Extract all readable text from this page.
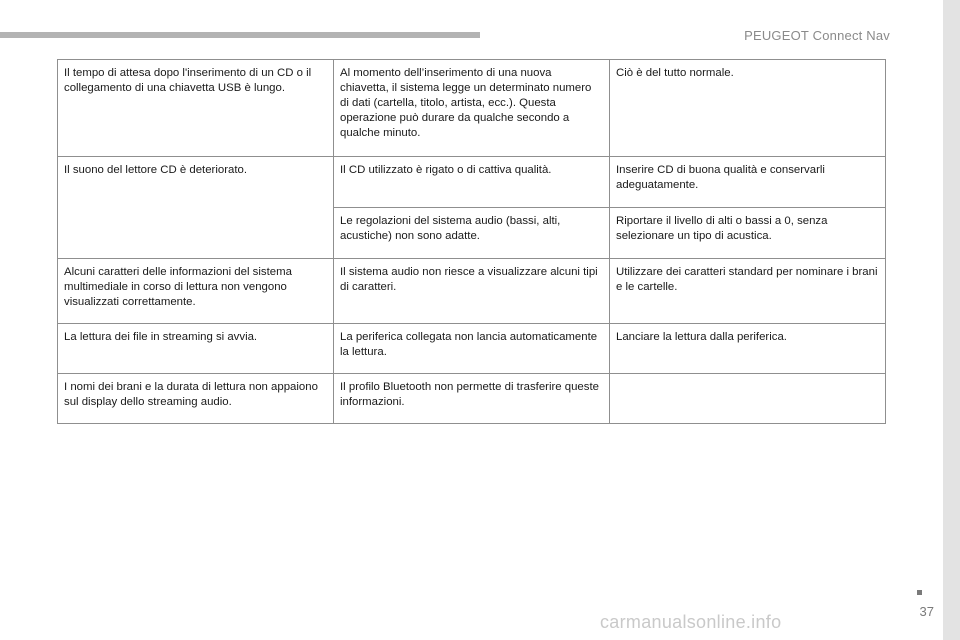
PEUGEOT Connect Nav
37
carmanualsonline.info
Il tempo di attesa dopo l'inserimento di un CD o il collegamento di una chiavetta USB è lungo.	Al momento dell’inserimento di una nuova chiavetta, il sistema legge un determinato numero di dati (cartella, titolo, artista, ecc.). Questa operazione può durare da qualche secondo a qualche minuto.	Ciò è del tutto normale.
Il suono del lettore CD è deteriorato.	Il CD utilizzato è rigato o di cattiva qualità.	Inserire CD di buona qualità e conservarli adeguatamente.
	Le regolazioni del sistema audio (bassi, alti, acustiche) non sono adatte.	Riportare il livello di alti o bassi a 0, senza selezionare un tipo di acustica.
Alcuni caratteri delle informazioni del sistema multimediale in corso di lettura non vengono visualizzati correttamente.	Il sistema audio non riesce a visualizzare alcuni tipi di caratteri.	Utilizzare dei caratteri standard per nominare i brani e le cartelle.
La lettura dei file in streaming si avvia.	La periferica collegata non lancia automaticamente la lettura.	Lanciare la lettura dalla periferica.
I nomi dei brani e la durata di lettura non appaiono sul display dello streaming audio.	Il profilo Bluetooth non permette di trasferire queste informazioni.	
